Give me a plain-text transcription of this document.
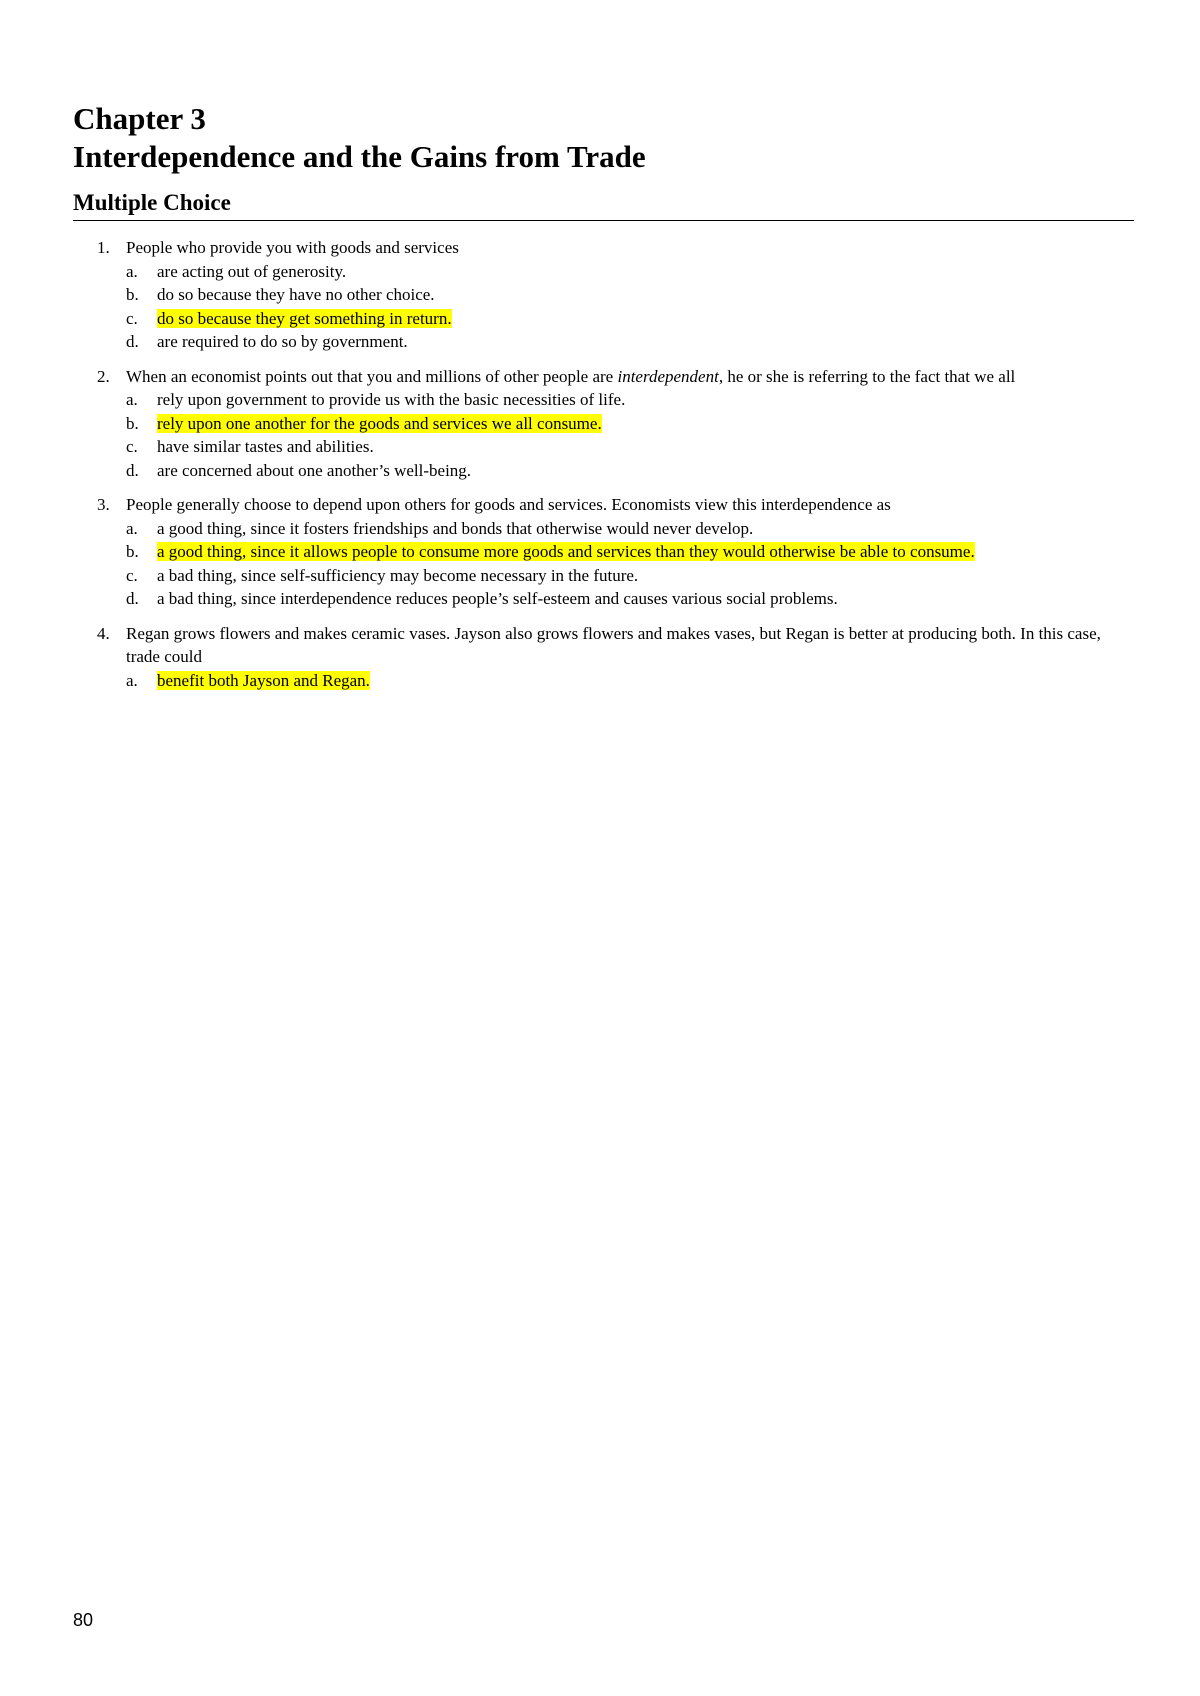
Chapter 3
Interdependence and the Gains from Trade
Multiple Choice
1. People who provide you with goods and services
a. are acting out of generosity.
b. do so because they have no other choice.
c. do so because they get something in return.
d. are required to do so by government.
2. When an economist points out that you and millions of other people are interdependent, he or she is referring to the fact that we all
a. rely upon government to provide us with the basic necessities of life.
b. rely upon one another for the goods and services we all consume.
c. have similar tastes and abilities.
d. are concerned about one another’s well-being.
3. People generally choose to depend upon others for goods and services. Economists view this interdependence as
a. a good thing, since it fosters friendships and bonds that otherwise would never develop.
b. a good thing, since it allows people to consume more goods and services than they would otherwise be able to consume.
c. a bad thing, since self-sufficiency may become necessary in the future.
d. a bad thing, since interdependence reduces people’s self-esteem and causes various social problems.
4. Regan grows flowers and makes ceramic vases. Jayson also grows flowers and makes vases, but Regan is better at producing both. In this case, trade could
a. benefit both Jayson and Regan.
80
